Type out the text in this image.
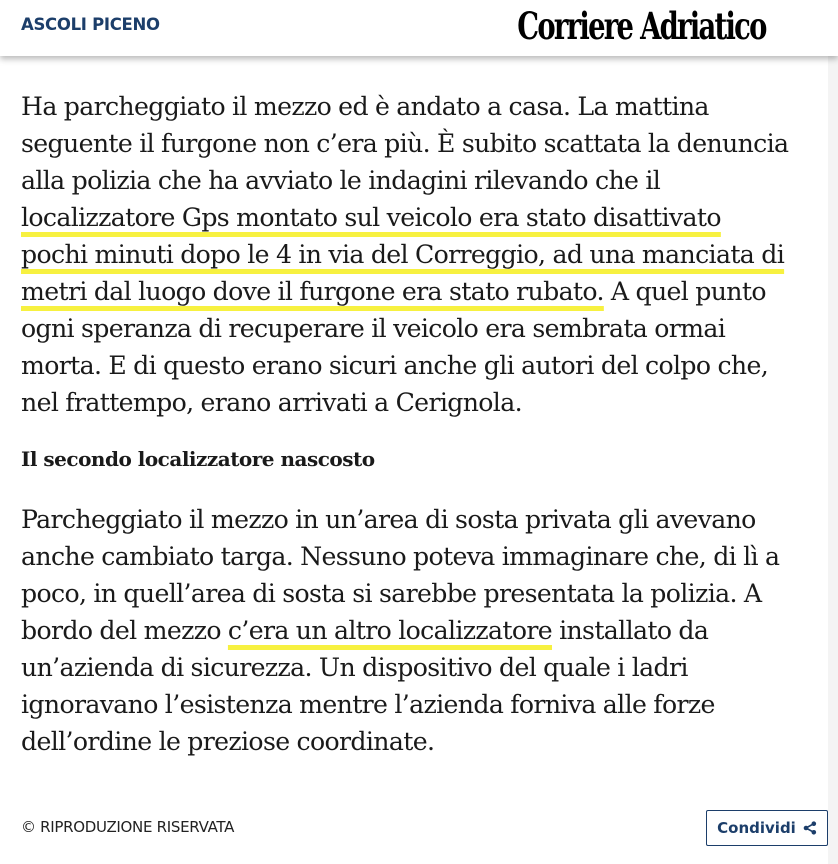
ASCOLI PICENO	Corriere Adriatico
Ha parcheggiato il mezzo ed è andato a casa. La mattina
seguente il furgone non c’era più. È subito scattata la denuncia
alla polizia che ha avviato le indagini rilevando che il
localizzatore Gps montato sul veicolo era stato disattivato
pochi minuti dopo le 4 in via del Correggio, ad una manciata di
metri dal luogo dove il furgone era stato rubato. A quel punto
ogni speranza di recuperare il veicolo era sembrata ormai
morta. E di questo erano sicuri anche gli autori del colpo che,
nel frattempo, erano arrivati a Cerignola.
Il secondo localizzatore nascosto
Parcheggiato il mezzo in un’area di sosta privata gli avevano
anche cambiato targa. Nessuno poteva immaginare che, di lì a
poco, in quell’area di sosta si sarebbe presentata la polizia. A
bordo del mezzo c’era un altro localizzatore installato da
un’azienda di sicurezza. Un dispositivo del quale i ladri
ignoravano l’esistenza mentre l’azienda forniva alle forze
dell’ordine le preziose coordinate.
© RIPRODUZIONE RISERVATA	Condividi
